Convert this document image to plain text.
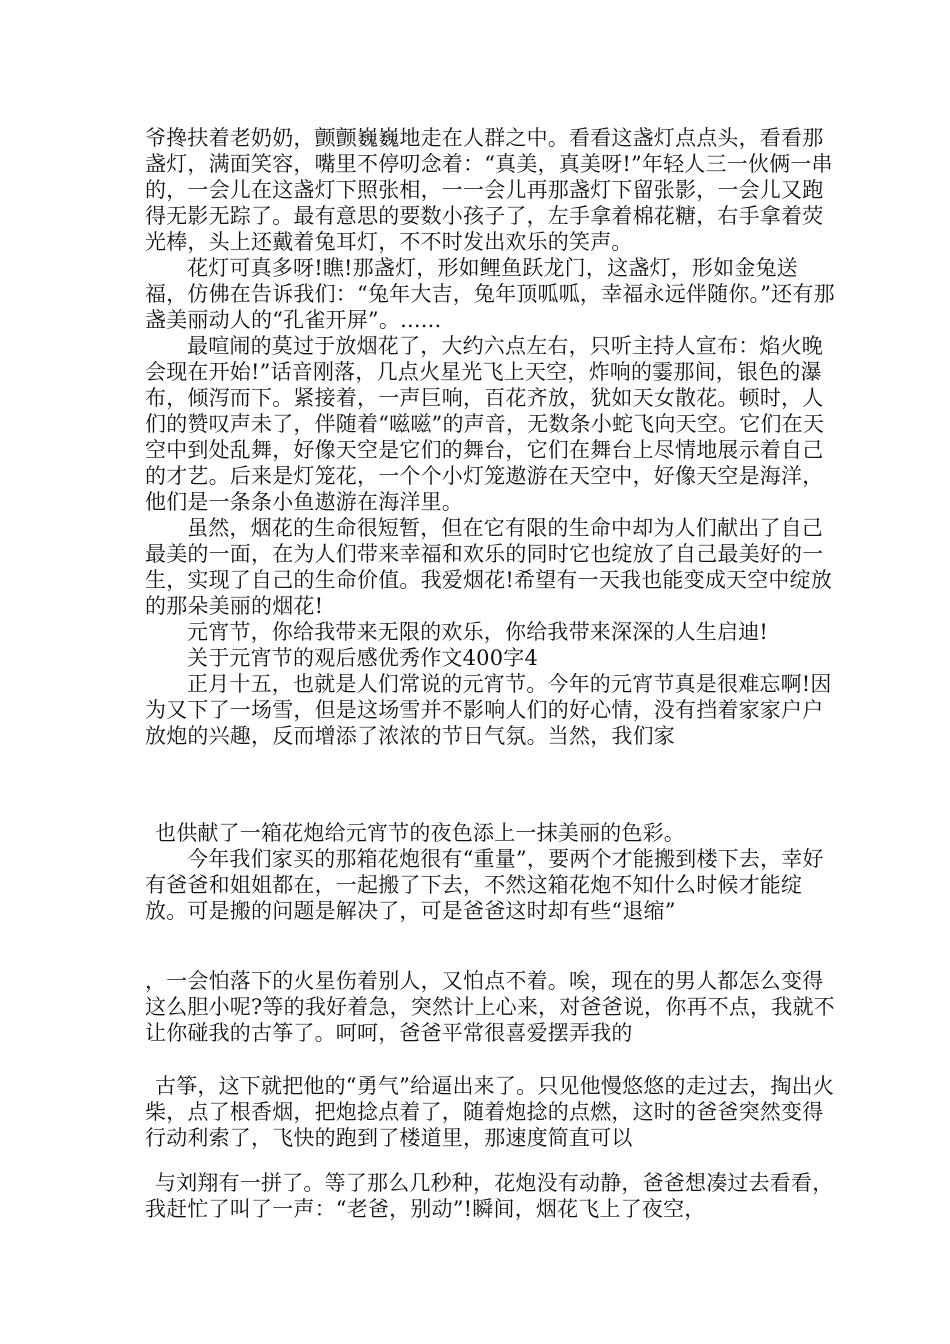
爷搀扶着老奶奶，颤颤巍巍地走在人群之中。看看这盏灯点点头，看看那盏灯，满面笑容，嘴里不停叨念着：“真美，真美呀!”年轻人三一伙俩一串的，一会儿在这盏灯下照张相，一一会儿再那盏灯下留张影，一会儿又跑得无影无踪了。最有意思的要数小孩子了，左手拿着棉花糖，右手拿着荧光棒，头上还戴着兔耳灯，不不时发出欢乐的笑声。

花灯可真多呀!瞧!那盏灯，形如鲤鱼跃龙门，这盏灯，形如金兔送福，仿佛在告诉我们：“兔年大吉，兔年顶呱呱，幸福永远伴随你。”还有那盏美丽动人的“孔雀开屏”。......

最喧闹的莫过于放烟花了，大约六点左右，只听主持人宣布：焰火晚会现在开始!”话音刚落，几点火星光飞上天空，炸响的霎那间，银色的瀑布，倾泻而下。紧接着，一声巨响，百花齐放，犹如天女散花。顿时，人们的赞叹声未了，伴随着“嗞嗞”的声音，无数条小蛇飞向天空。它们在天空中到处乱舞，好像天空是它们的舞台，它们在舞台上尽情地展示着自己的才艺。后来是灯笼花，一个个小灯笼遨游在天空中，好像天空是海洋，他们是一条条小鱼遨游在海洋里。

虽然，烟花的生命很短暂，但在它有限的生命中却为人们献出了自己最美的一面，在为人们带来幸福和欢乐的同时它也绽放了自己最美好的一生，实现了自己的生命价值。我爱烟花!希望有一天我也能变成天空中绽放的那朵美丽的烟花!

元宵节，你给我带来无限的欢乐，你给我带来深深的人生启迪!

关于元宵节的观后感优秀作文400字4

正月十五，也就是人们常说的元宵节。今年的元宵节真是很难忘啊!因为又下了一场雪，但是这场雪并不影响人们的好心情，没有挡着家家户户放炮的兴趣，反而增添了浓浓的节日气氛。当然，我们家

也供献了一箱花炮给元宵节的夜色添上一抹美丽的色彩。

今年我们家买的那箱花炮很有“重量”，要两个才能搬到楼下去，幸好有爸爸和姐姐都在，一起搬了下去，不然这箱花炮不知什么时候才能绽放。可是搬的问题是解决了，可是爸爸这时却有些“退缩”

，一会怕落下的火星伤着别人，又怕点不着。唉，现在的男人都怎么变得这么胆小呢?等的我好着急，突然计上心来，对爸爸说，你再不点，我就不让你碰我的古筝了。呵呵，爸爸平常很喜爱摆弄我的

古筝，这下就把他的“勇气”给逼出来了。只见他慢悠悠的走过去，掏出火柴，点了根香烟，把炮捻点着了，随着炮捻的点燃，这时的爸爸突然变得行动利索了，飞快的跑到了楼道里，那速度简直可以

与刘翔有一拼了。等了那么几秒种，花炮没有动静，爸爸想凑过去看看，我赶忙了叫了一声：“老爸，别动”!瞬间，烟花飞上了夜空，
